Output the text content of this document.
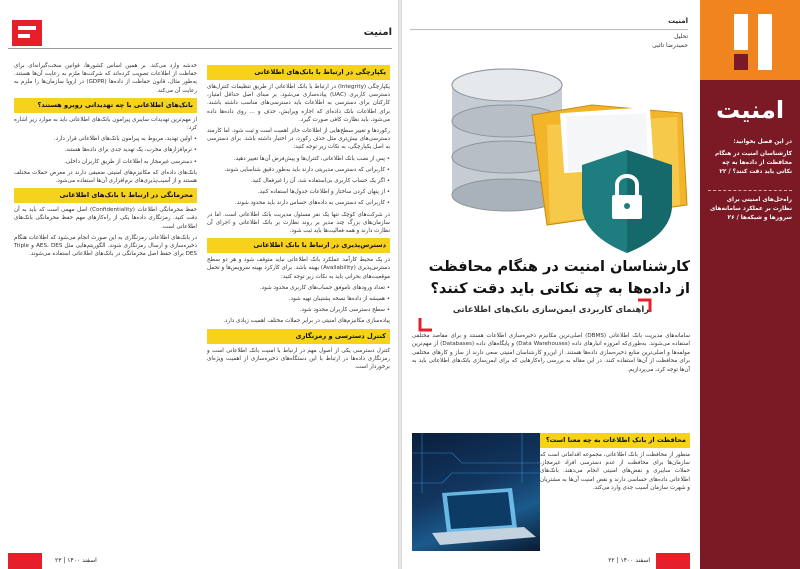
امنیت
یکپارچگی در ارتباط با بانک‌های اطلاعاتی

یکپارچگی (Integrity) در ارتباط با بانک اطلاعاتی از طریق تنظیمات کنترل‌های دسترسی کاربری (UAC) پیاده‌سازی می‌شود. بر مبنای اصل حداقل امتیاز، کارکنان برای دسترسی به اطلاعات باید دسترسی‌های مناسب داشته باشند. برای اطلاعات بانک داده‌ای که اجازه ویرایش، حذف و ... روی داده‌ها داده می‌شود، باید نظارت کافی صورت گیرد.

رکوردها و تغییر سطح‌هایی از اطلاعات حائز اهمیت است و ثبت شود. اما کارمند دسترسی‌های بیش‌تری مثل حذف رکورد، در اختیار داشته باشد. برای دسترسی به اصل یکپارچگی، به نکات زیر توجه کنید:

• پس از نصب بانک اطلاعاتی، کنترل‌ها و پیش‌فرض آن‌ها تغییر دهید.

• کاربرانی که دسترسی مدیریتی دارند باید به‌طور دقیق شناسایی شوند.

• اگر یک حساب کاربری بی‌استفاده شد، آن را غیرفعال کنید.

• از پنهان کردن ساختار و اطلاعات جدول‌ها استفاده کنید.

• کاربرانی که دسترسی به داده‌های حساس دارند باید محدود شوند.

در شرکت‌های کوچک تنها یک نفر مسئول مدیریت بانک اطلاعاتی است. اما در سازمان‌های بزرگ چند مدیر بر روند نظارت بر بانک اطلاعاتی و اجرای آن نظارت دارند و همه فعالیت‌ها باید ثبت شود.

دسترس‌پذیری در ارتباط با بانک اطلاعاتی

در یک محیط کارآمد عملکرد بانک اطلاعاتی نباید متوقف شود و هر دو سطح دسترس‌پذیری (Availability) بهینه باشد. برای کارکرد بهینه سرویس‌ها و تحمل موقعیت‌های بحرانی باید به نکات زیر توجه کنید:

• تعداد ورودهای ناموفق حساب‌های کاربری محدود شود.

• همیشه از داده‌ها نسخه پشتیبان تهیه شود.

• سطح دسترسی کاربران محدود شود.

پیاده‌سازی مکانیزم‌های امنیتی در برابر حملات مختلف اهمیت زیادی دارد.

کنترل دسترسی و رمزنگاری

کنترل دسترسی یکی از اصول مهم در ارتباط با امنیت بانک اطلاعاتی است و رمزنگاری داده‌ها در ارتباط با این دستگاه‌های ذخیره‌سازی از اهمیت ویژه‌ای برخوردار است.

خدشه وارد می‌کند. بر همین اساس کشورها، قوانین سخت‌گیرانه‌ای برای حفاظت از اطلاعات تصویب کرده‌اند که شرکت‌ها ملزم به رعایت آن‌ها هستند. به‌طور مثال، قانون حفاظت از داده‌ها (GDPR) در اروپا سازمان‌ها را ملزم به رعایت آن می‌کند.

بانک‌های اطلاعاتی با چه تهدیداتی روبرو هستند؟

از مهم‌ترین تهدیدات سایبری پیرامون بانک‌های اطلاعاتی باید به موارد زیر اشاره کرد:

• اولین تهدید، مربوط به پیرامون بانک‌های اطلاعاتی قرار دارد.

• نرم‌افزارهای مخرب، یک تهدید جدی برای داده‌ها هستند.

• دسترسی غیرمجاز به اطلاعات از طریق کاربران داخلی.

بانک‌های داده‌ای که مکانیزم‌های امنیتی ضعیفی دارند در معرض حملات مختلف هستند و از آسیب‌پذیری‌های نرم‌افزاری آن‌ها استفاده می‌شود.

محرمانگی در ارتباط با بانک‌های اطلاعاتی

حفظ محرمانگی اطلاعات (Confidentiality) اصل مهمی است که باید به آن دقت کنید. رمزنگاری داده‌ها یکی از راه‌کارهای مهم حفظ محرمانگی بانک‌های اطلاعاتی است.

در بانک‌های اطلاعاتی رمزنگاری به این صورت انجام می‌شود که اطلاعات هنگام ذخیره‌سازی و ارسال رمزنگاری شوند. الگوریتم‌هایی مثل AES، DES و Triple DES برای حفظ اصل محرمانگی در بانک‌های اطلاعاتی استفاده می‌شوند.

اسفند ۱۴۰۰ | ۲۳
امنیت
تحلیل
حمیدرضا تائبی
کارشناسان امنیت در هنگام محافظت از داده‌ها به چه نکاتی باید دقت کنند؟
راهنمای کاربردی ایمن‌سازی بانک‌های اطلاعاتی
سامانه‌های مدیریت بانک اطلاعاتی (DBMS) اصلی‌ترین مکانیزم ذخیره‌سازی اطلاعات هستند و برای مقاصد مختلفی استفاده می‌شوند. به‌طوری‌که امروزه انبارهای داده (Data Warehouses) و پایگاه‌های داده (Databases) از مهم‌ترین مولفه‌ها و اصلی‌ترین منابع ذخیره‌سازی داده‌ها هستند. از این‌رو کارشناسان امنیتی سعی دارند از ساز و کارهای مختلفی برای محافظت از آن‌ها استفاده کنند. در این مقاله به بررسی راه‌کارهایی که برای ایمن‌سازی بانک‌های اطلاعاتی باید به آن‌ها توجه کرد، می‌پردازیم.
محافظت از بانک اطلاعات به چه معنا است؟

منظور از محافظت از بانک اطلاعاتی، مجموعه اقداماتی است که سازمان‌ها برای محافظت از عدم دسترسی افراد غیرمجاز، حملات سایبری و نقض‌های امنیتی انجام می‌دهند. بانک‌های اطلاعاتی داده‌های حساسی دارند و نقض امنیت آن‌ها به مشتریان و شهرت سازمان آسیب جدی وارد می‌کند.

۲۲ | اسفند ۱۴۰۰
امنیت
در این فصل بخوانید:
کارشناسان امنیت در هنگام محافظت از داده‌ها به چه نکاتی باید دقت کنند؟ / ۲۲
راه‌حل‌های امنیتی برای نظارت بر عملکرد سامانه‌های سرورها و شبکه‌ها / ۲۶
